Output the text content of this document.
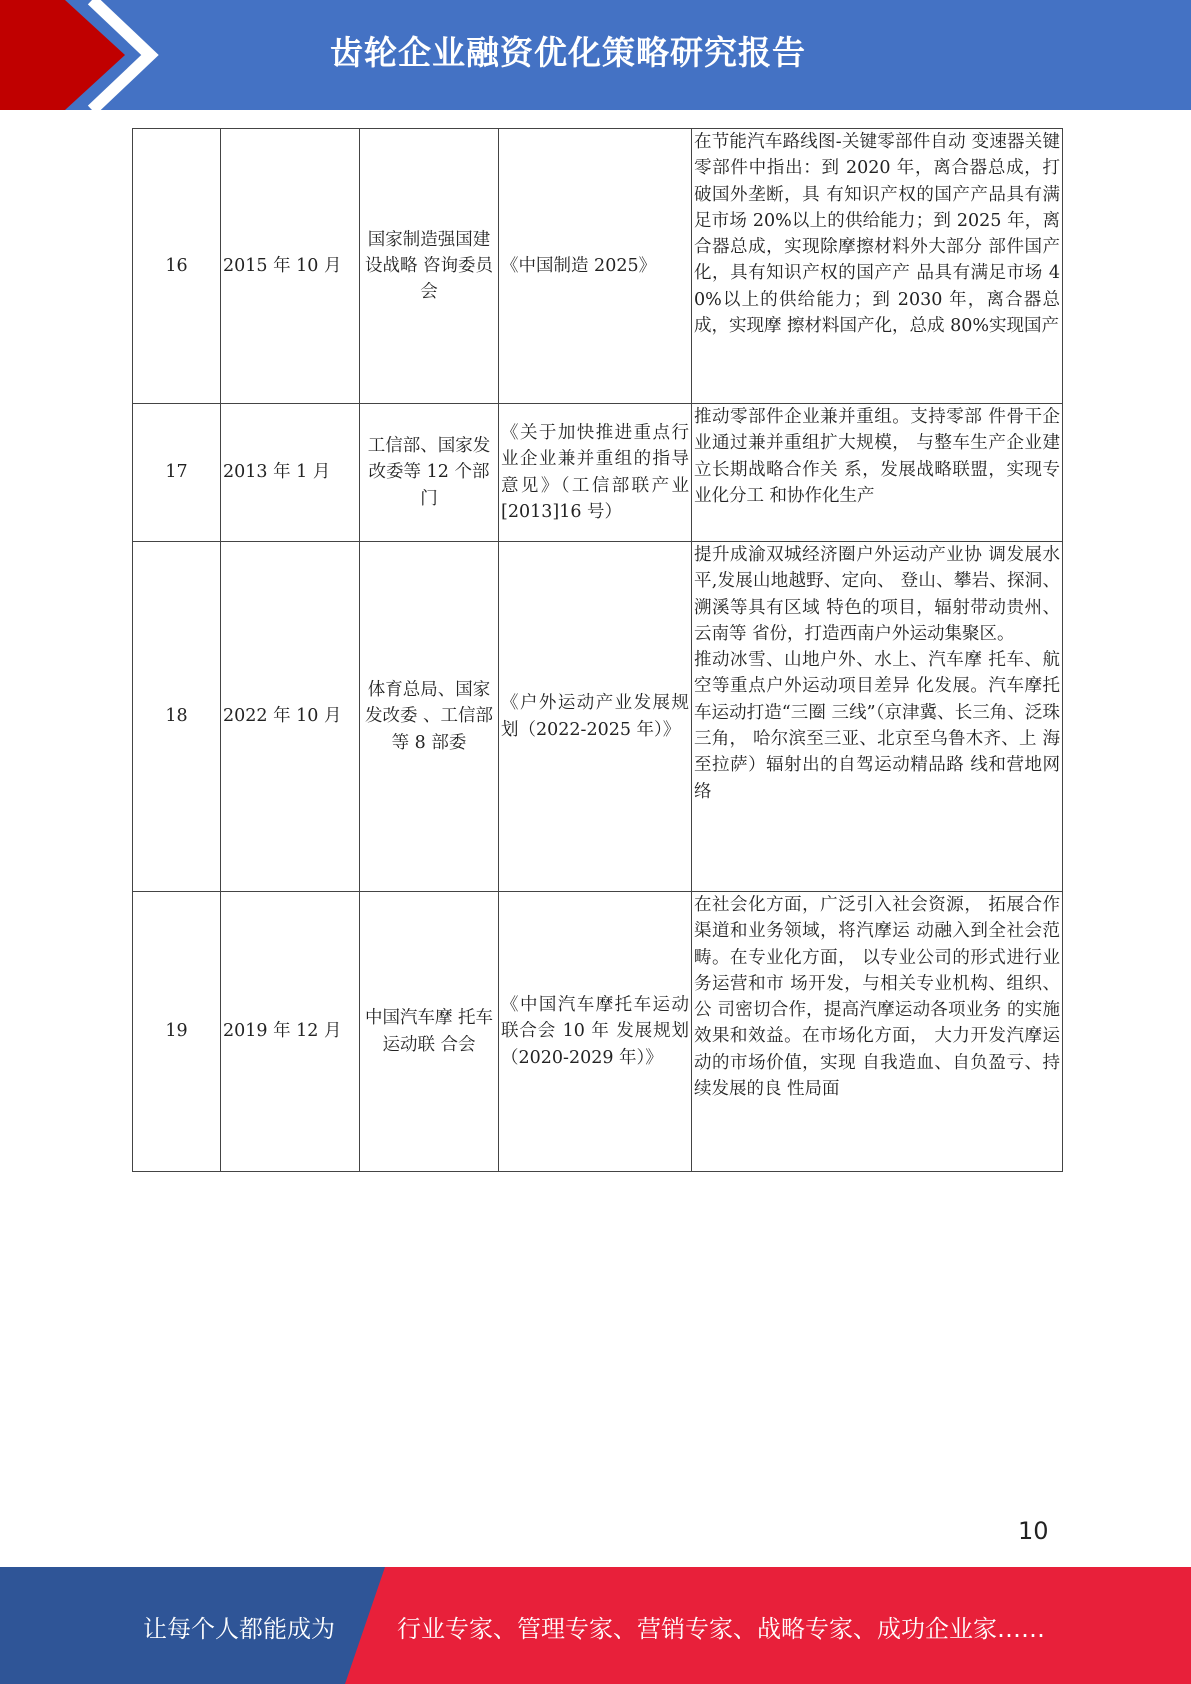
齿轮企业融资优化策略研究报告
16	2015 年 10 月	国家制造强国建设战略 咨询委员会	《中国制造 2025》	在节能汽车路线图-关键零部件自动 变速器关键零部件中指出：到 2020 年，离合器总成，打破国外垄断，具 有知识产权的国产产品具有满足市场 20%以上的供给能力；到 2025 年，离 合器总成，实现除摩擦材料外大部分 部件国产化，具有知识产权的国产产 品具有满足市场 40%以上的供给能力；到 2030 年，离合器总成，实现摩 擦材料国产化，总成 80%实现国产

17	2013 年 1 月	工信部、国家发改委等 12 个部门	《关于加快推进重点行业企业兼并重组的指导意见》（工信部联产业 [2013]16 号）	推动零部件企业兼并重组。支持零部 件骨干企业通过兼并重组扩大规模， 与整车生产企业建立长期战略合作关 系，发展战略联盟，实现专业化分工 和协作化生产

18	2022 年 10 月	体育总局、国家发改委 、工信部等 8 部委	《户外运动产业发展规划（2022-2025 年）》	提升成渝双城经济圈户外运动产业协 调发展水平,发展山地越野、定向、 登山、攀岩、探洞、溯溪等具有区域 特色的项目，辐射带动贵州、云南等 省份，打造西南户外运动集聚区。
推动冰雪、山地户外、水上、汽车摩 托车、航空等重点户外运动项目差异 化发展。汽车摩托车运动打造“三圈 三线”（京津冀、长三角、泛珠三角， 哈尔滨至三亚、北京至乌鲁木齐、上 海至拉萨）辐射出的自驾运动精品路 线和营地网络

19	2019 年 12 月	中国汽车摩 托车运动联 合会	《中国汽车摩托车运动联合会 10 年 发展规划 （2020-2029 年）》	在社会化方面，广泛引入社会资源， 拓展合作渠道和业务领域，将汽摩运 动融入到全社会范畴。在专业化方面， 以专业公司的形式进行业务运营和市 场开发，与相关专业机构、组织、公 司密切合作，提高汽摩运动各项业务 的实施效果和效益。在市场化方面， 大力开发汽摩运动的市场价值，实现 自我造血、自负盈亏、持续发展的良 性局面
10
让每个人都能成为	行业专家、管理专家、营销专家、战略专家、成功企业家……
